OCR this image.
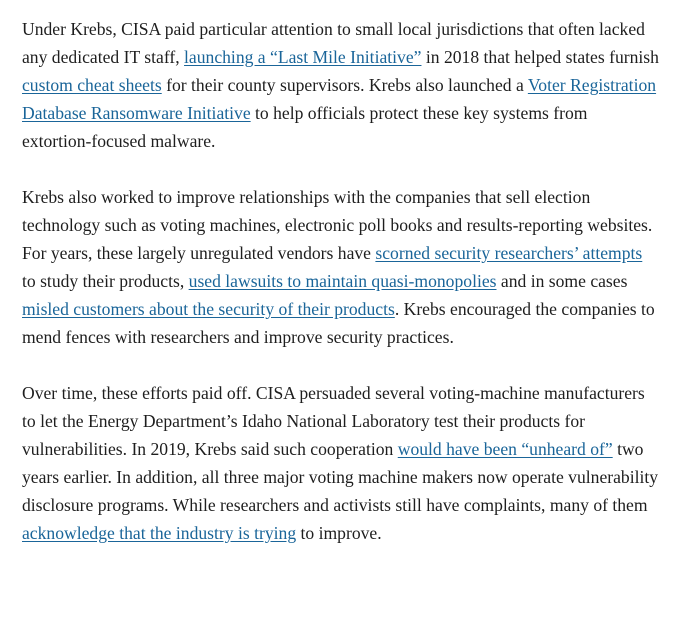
Under Krebs, CISA paid particular attention to small local jurisdictions that often lacked any dedicated IT staff, launching a “Last Mile Initiative” in 2018 that helped states furnish custom cheat sheets for their county supervisors. Krebs also launched a Voter Registration Database Ransomware Initiative to help officials protect these key systems from extortion-focused malware.

Krebs also worked to improve relationships with the companies that sell election technology such as voting machines, electronic poll books and results-reporting websites. For years, these largely unregulated vendors have scorned security researchers’ attempts to study their products, used lawsuits to maintain quasi-monopolies and in some cases misled customers about the security of their products. Krebs encouraged the companies to mend fences with researchers and improve security practices.

Over time, these efforts paid off. CISA persuaded several voting-machine manufacturers to let the Energy Department’s Idaho National Laboratory test their products for vulnerabilities. In 2019, Krebs said such cooperation would have been “unheard of” two years earlier. In addition, all three major voting machine makers now operate vulnerability disclosure programs. While researchers and activists still have complaints, many of them acknowledge that the industry is trying to improve.
